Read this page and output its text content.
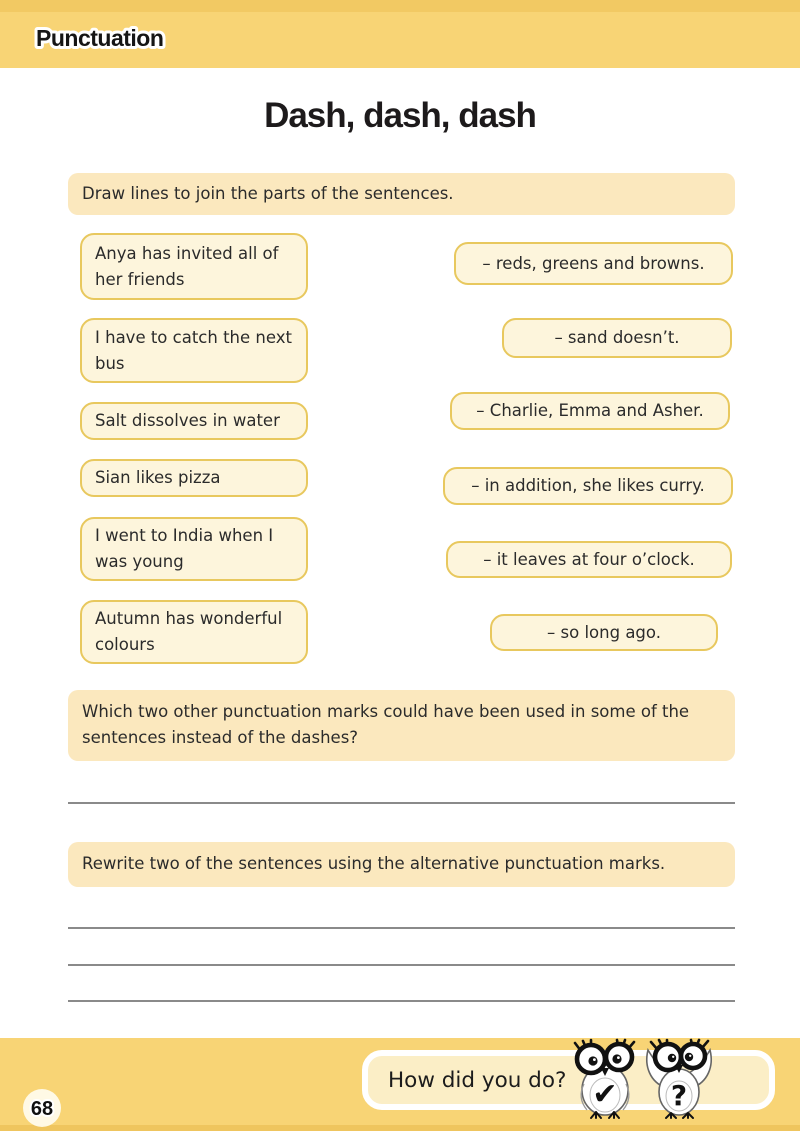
Punctuation
Dash, dash, dash
Draw lines to join the parts of the sentences.
Anya has invited all of her friends
I have to catch the next bus
Salt dissolves in water
Sian likes pizza
I went to India when I was young
Autumn has wonderful colours
– reds, greens and browns.
– sand doesn’t.
– Charlie, Emma and Asher.
– in addition, she likes curry.
– it leaves at four o’clock.
– so long ago.
Which two other punctuation marks could have been used in some of the sentences instead of the dashes?
Rewrite two of the sentences using the alternative punctuation marks.
68
How did you do? ✔ ?
